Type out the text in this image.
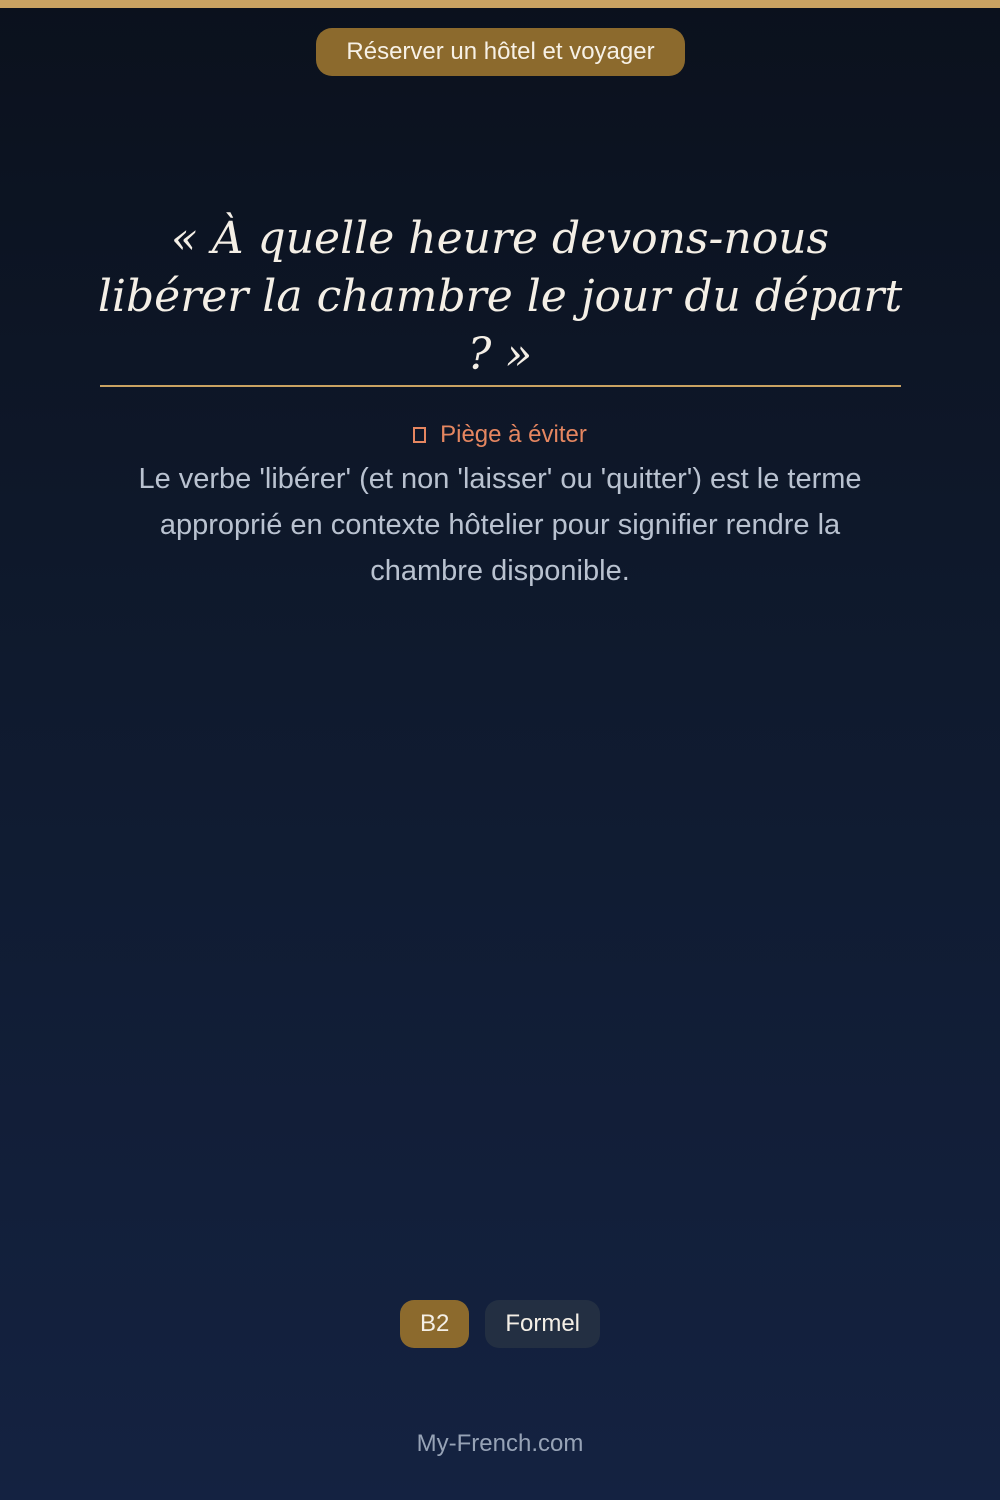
Réserver un hôtel et voyager
« À quelle heure devons-nous libérer la chambre le jour du départ ? »
Piège à éviter

Le verbe 'libérer' (et non 'laisser' ou 'quitter') est le terme approprié en contexte hôtelier pour signifier rendre la chambre disponible.

B2	Formel
My-French.com
